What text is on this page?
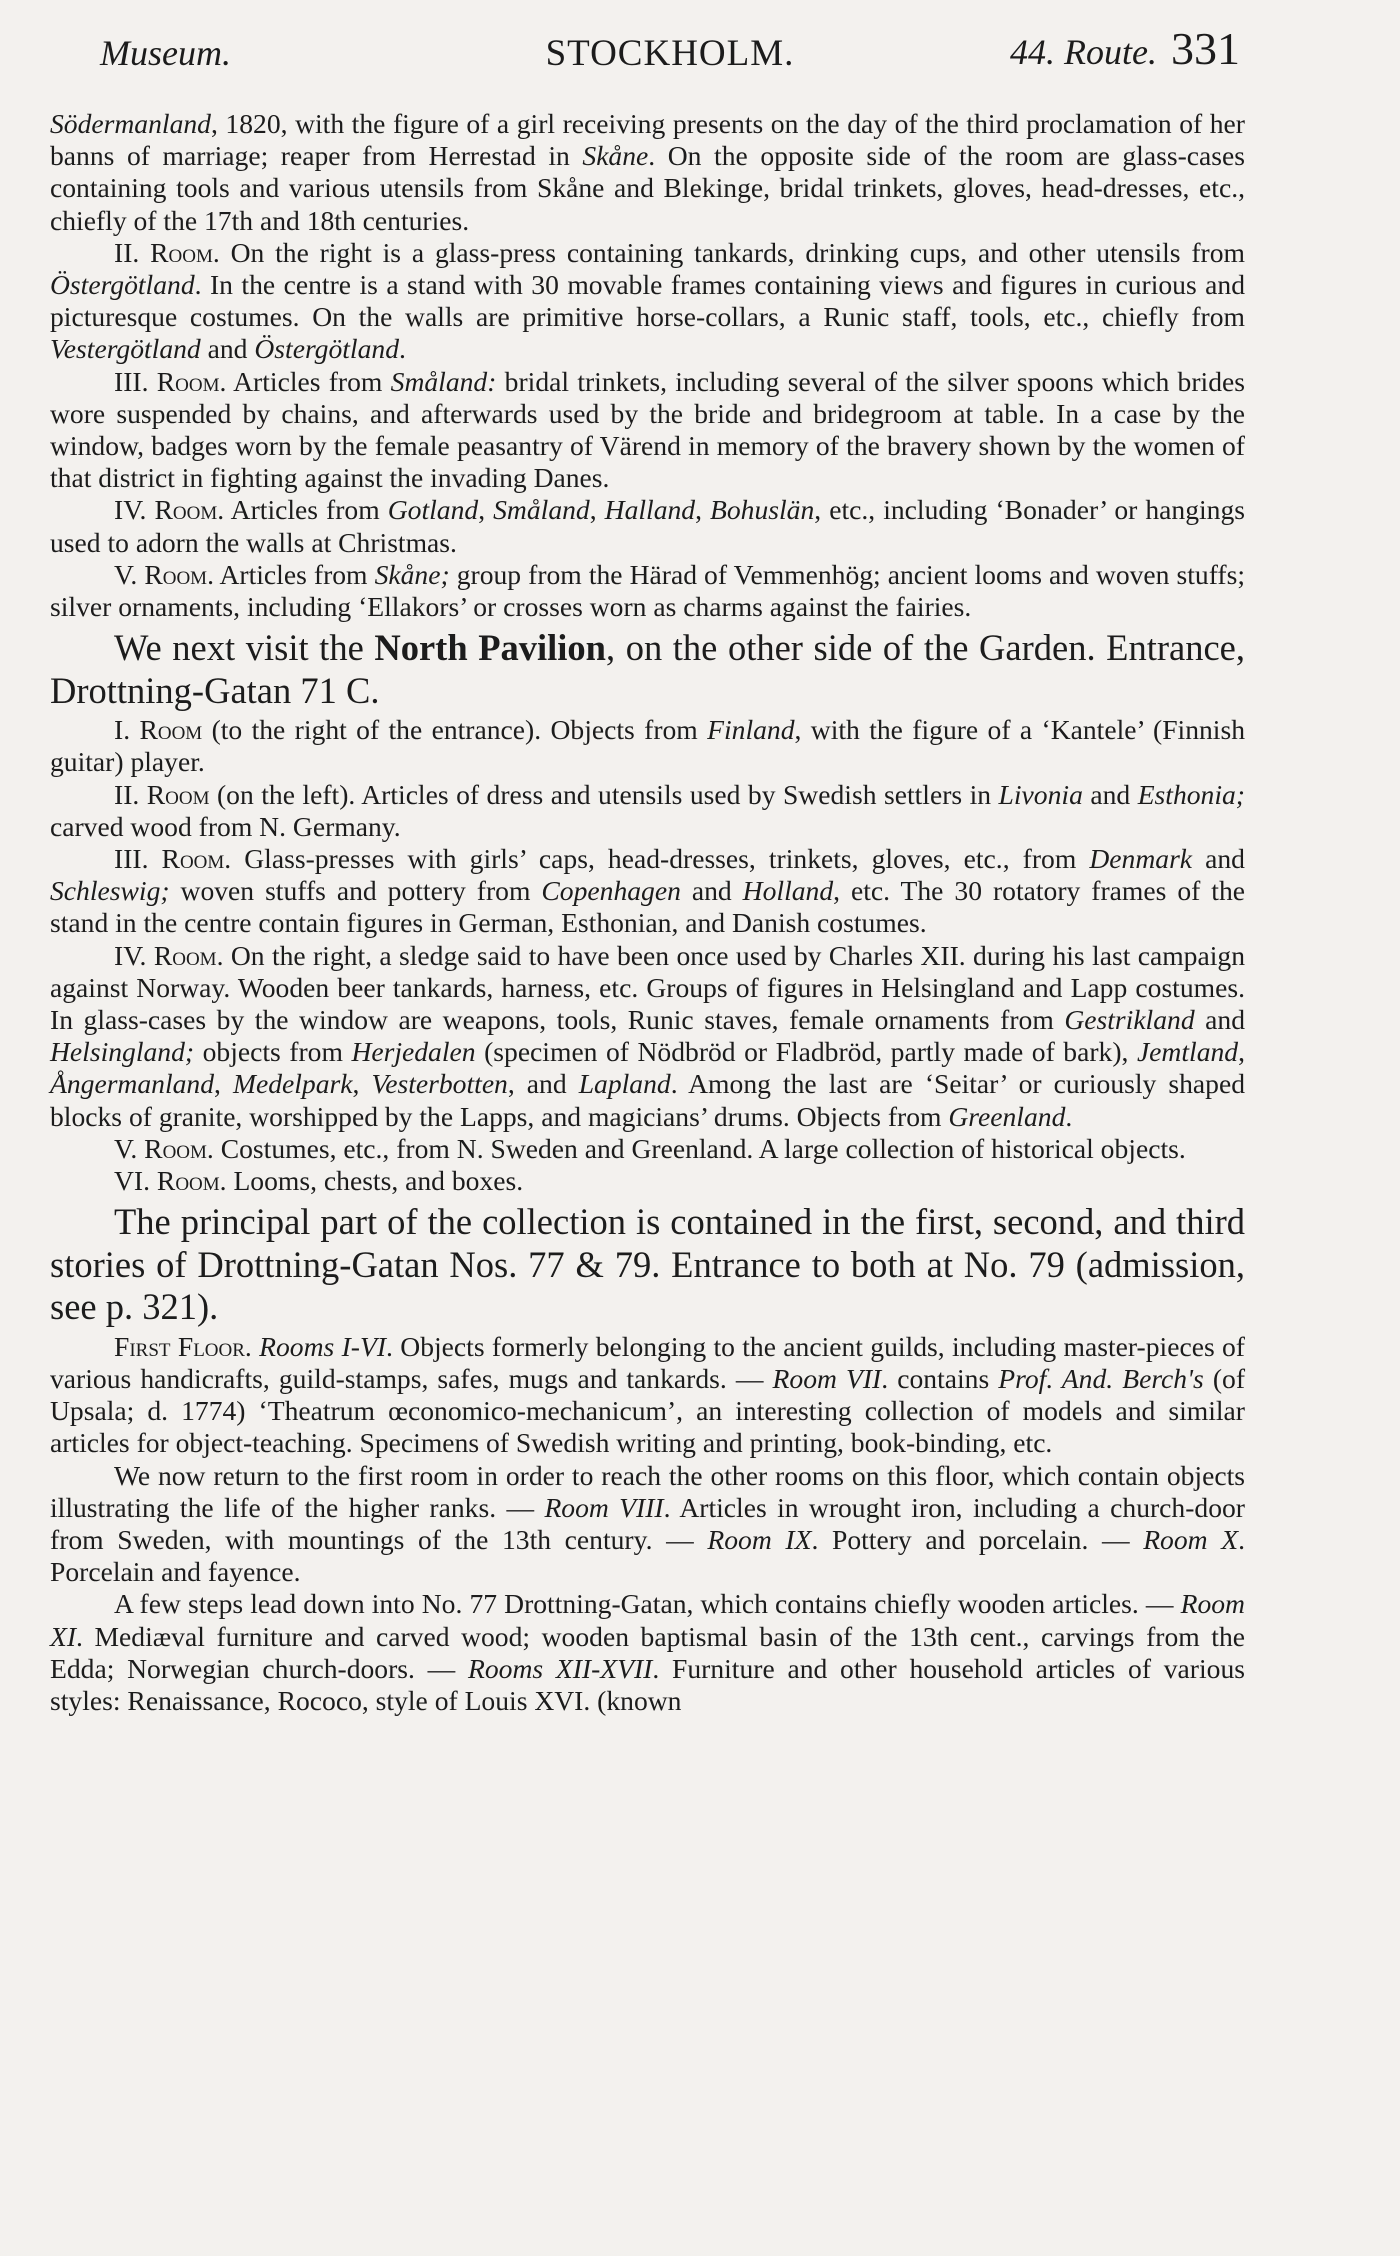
Museum.	STOCKHOLM.	44. Route. 331

Södermanland, 1820, with the figure of a girl receiving presents on the day of the third proclamation of her banns of marriage; reaper from Herrestad in Skåne. On the opposite side of the room are glass-cases containing tools and various utensils from Skåne and Blekinge, bridal trinkets, gloves, head-dresses, etc., chiefly of the 17th and 18th centuries.

II. Room. On the right is a glass-press containing tankards, drinking cups, and other utensils from Östergötland. In the centre is a stand with 30 movable frames containing views and figures in curious and picturesque costumes. On the walls are primitive horse-collars, a Runic staff, tools, etc., chiefly from Vestergötland and Östergötland.

III. Room. Articles from Småland: bridal trinkets, including several of the silver spoons which brides wore suspended by chains, and afterwards used by the bride and bridegroom at table. In a case by the window, badges worn by the female peasantry of Värend in memory of the bravery shown by the women of that district in fighting against the invading Danes.

IV. Room. Articles from Gotland, Småland, Halland, Bohuslän, etc., including ‘Bonader’ or hangings used to adorn the walls at Christmas.

V. Room. Articles from Skåne; group from the Härad of Vemmenhög; ancient looms and woven stuffs; silver ornaments, including ‘Ellakors’ or crosses worn as charms against the fairies.

We next visit the North Pavilion, on the other side of the Garden. Entrance, Drottning-Gatan 71 C.

I. Room (to the right of the entrance). Objects from Finland, with the figure of a ‘Kantele’ (Finnish guitar) player.

II. Room (on the left). Articles of dress and utensils used by Swedish settlers in Livonia and Esthonia; carved wood from N. Germany.

III. Room. Glass-presses with girls’ caps, head-dresses, trinkets, gloves, etc., from Denmark and Schleswig; woven stuffs and pottery from Copenhagen and Holland, etc. The 30 rotatory frames of the stand in the centre contain figures in German, Esthonian, and Danish costumes.

IV. Room. On the right, a sledge said to have been once used by Charles XII. during his last campaign against Norway. Wooden beer tankards, harness, etc. Groups of figures in Helsingland and Lapp costumes. In glass-cases by the window are weapons, tools, Runic staves, female ornaments from Gestrikland and Helsingland; objects from Herjedalen (specimen of Nödbröd or Fladbröd, partly made of bark), Jemtland, Ångermanland, Medelpark, Vesterbotten, and Lapland. Among the last are ‘Seitar’ or curiously shaped blocks of granite, worshipped by the Lapps, and magicians’ drums. Objects from Greenland.

V. Room. Costumes, etc., from N. Sweden and Greenland. A large collection of historical objects.

VI. Room. Looms, chests, and boxes.

The principal part of the collection is contained in the first, second, and third stories of Drottning-Gatan Nos. 77 & 79. Entrance to both at No. 79 (admission, see p. 321).

First Floor. Rooms I-VI. Objects formerly belonging to the ancient guilds, including master-pieces of various handicrafts, guild-stamps, safes, mugs and tankards. — Room VII. contains Prof. And. Berch's (of Upsala; d. 1774) ‘Theatrum œconomico-mechanicum’, an interesting collection of models and similar articles for object-teaching. Specimens of Swedish writing and printing, book-binding, etc.

We now return to the first room in order to reach the other rooms on this floor, which contain objects illustrating the life of the higher ranks. — Room VIII. Articles in wrought iron, including a church-door from Sweden, with mountings of the 13th century. — Room IX. Pottery and porcelain. — Room X. Porcelain and fayence.

A few steps lead down into No. 77 Drottning-Gatan, which contains chiefly wooden articles. — Room XI. Mediæval furniture and carved wood; wooden baptismal basin of the 13th cent., carvings from the Edda; Norwegian church-doors. — Rooms XII-XVII. Furniture and other household articles of various styles: Renaissance, Rococo, style of Louis XVI. (known
